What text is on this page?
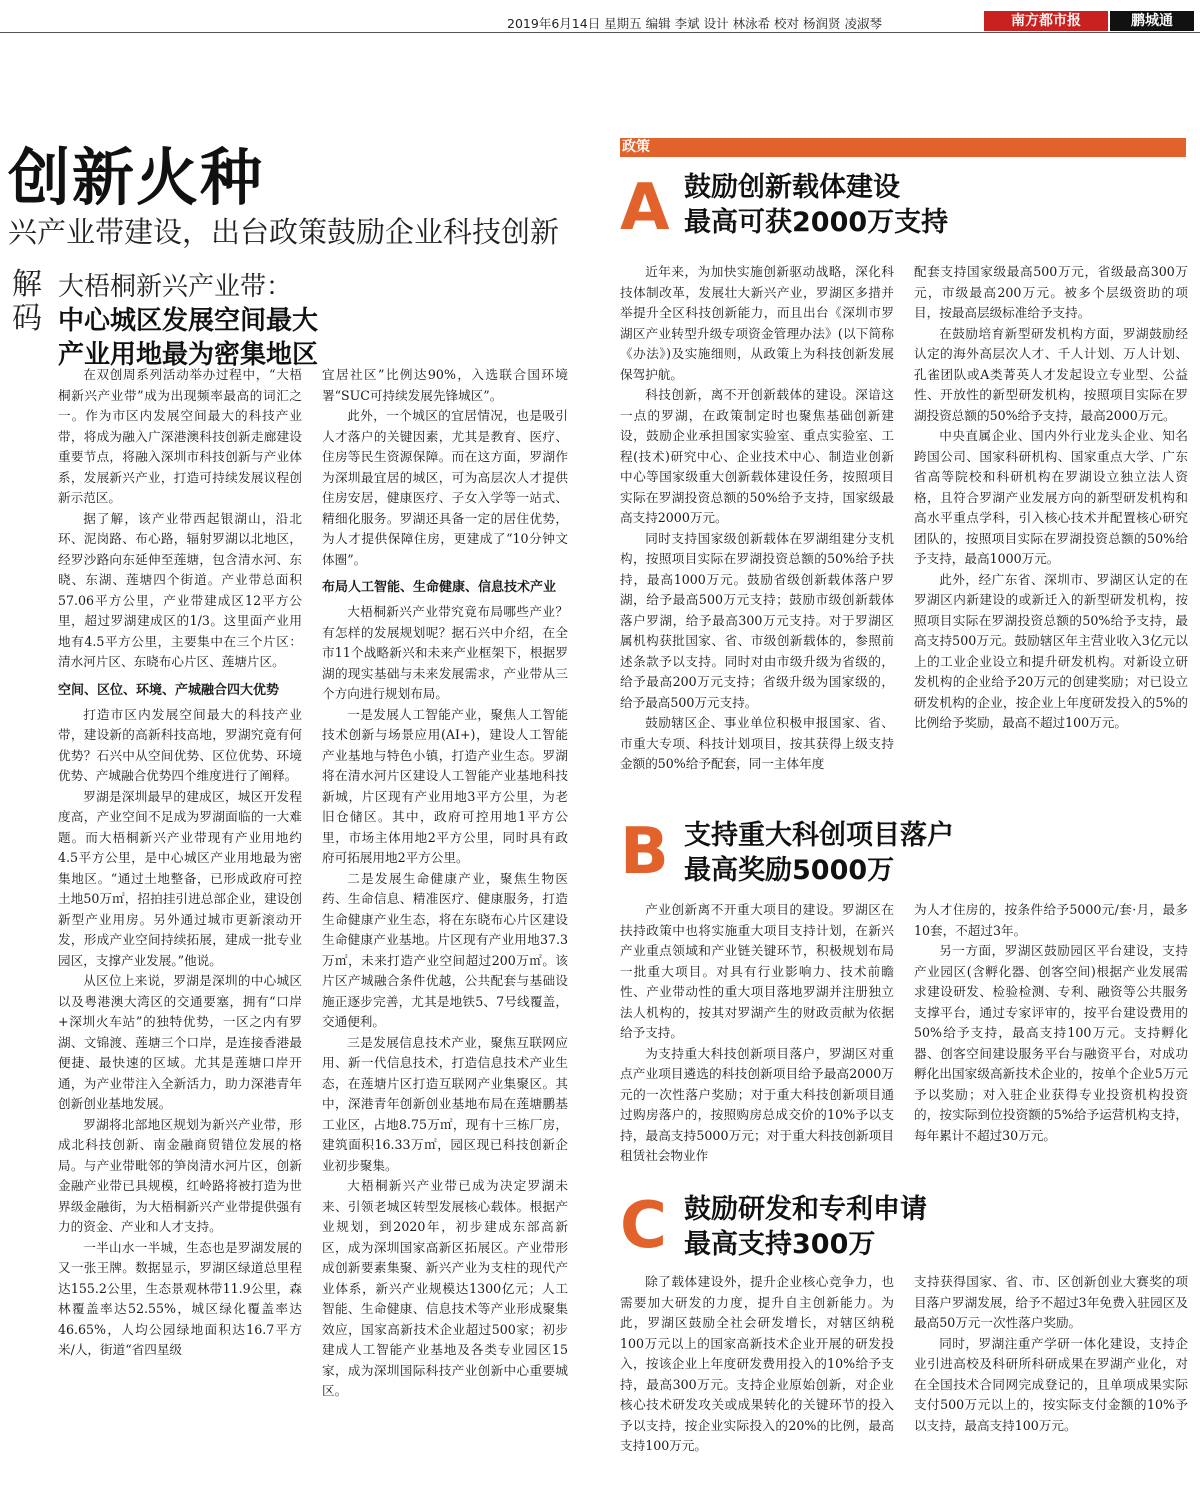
2019年6月14日 星期五 编辑 李斌 设计 林泳希 校对 杨润贤 凌淑琴	南方都市报	鹏城通
创新火种
兴产业带建设，出台政策鼓励企业科技创新
解码
大梧桐新兴产业带：
中心城区发展空间最大
产业用地最为密集地区

在双创周系列活动举办过程中，“大梧桐新兴产业带”成为出现频率最高的词汇之一。作为市区内发展空间最大的科技产业带，将成为融入广深港澳科技创新走廊建设重要节点，将融入深圳市科技创新与产业体系，发展新兴产业，打造可持续发展议程创新示范区。

据了解，该产业带西起银湖山，沿北环、泥岗路、布心路，辐射罗湖以北地区，经罗沙路向东延伸至莲塘，包含清水河、东晓、东湖、莲塘四个街道。产业带总面积57.06平方公里，产业带建成区12平方公里，超过罗湖建成区的1/3。这里面产业用地有4.5平方公里，主要集中在三个片区：清水河片区、东晓布心片区、莲塘片区。

空间、区位、环境、产城融合四大优势

打造市区内发展空间最大的科技产业带，建设新的高新科技高地，罗湖究竟有何优势？石兴中从空间优势、区位优势、环境优势、产城融合优势四个维度进行了阐释。

罗湖是深圳最早的建成区，城区开发程度高，产业空间不足成为罗湖面临的一大难题。而大梧桐新兴产业带现有产业用地约4.5平方公里，是中心城区产业用地最为密集地区。“通过土地整备，已形成政府可控土地50万㎡，招拍挂引进总部企业，建设创新型产业用房。另外通过城市更新滚动开发，形成产业空间持续拓展，建成一批专业园区，支撑产业发展。”他说。

从区位上来说，罗湖是深圳的中心城区以及粤港澳大湾区的交通要塞，拥有“口岸+深圳火车站”的独特优势，一区之内有罗湖、文锦渡、莲塘三个口岸，是连接香港最便捷、最快速的区域。尤其是莲塘口岸开通，为产业带注入全新活力，助力深港青年创新创业基地发展。

罗湖将北部地区规划为新兴产业带，形成北科技创新、南金融商贸错位发展的格局。与产业带毗邻的笋岗清水河片区，创新金融产业带已具规模，红岭路将被打造为世界级金融街，为大梧桐新兴产业带提供强有力的资金、产业和人才支持。

一半山水一半城，生态也是罗湖发展的又一张王牌。数据显示，罗湖区绿道总里程达155.2公里，生态景观林带11.9公里，森林覆盖率达52.55%，城区绿化覆盖率达46.65%，人均公园绿地面积达16.7平方米/人，街道“省四星级

宜居社区”比例达90%，入选联合国环境署“SUC可持续发展先锋城区”。

此外，一个城区的宜居情况，也是吸引人才落户的关键因素，尤其是教育、医疗、住房等民生资源保障。而在这方面，罗湖作为深圳最宜居的城区，可为高层次人才提供住房安居，健康医疗、子女入学等一站式、精细化服务。罗湖还具备一定的居住优势，为人才提供保障住房，更建成了“10分钟文体圈”。

布局人工智能、生命健康、信息技术产业

大梧桐新兴产业带究竟布局哪些产业？有怎样的发展规划呢？据石兴中介绍，在全市11个战略新兴和未来产业框架下，根据罗湖的现实基础与未来发展需求，产业带从三个方向进行规划布局。

一是发展人工智能产业，聚焦人工智能技术创新与场景应用(AI+)，建设人工智能产业基地与特色小镇，打造产业生态。罗湖将在清水河片区建设人工智能产业基地科技新城，片区现有产业用地3平方公里，为老旧仓储区。其中，政府可控用地1平方公里，市场主体用地2平方公里，同时具有政府可拓展用地2平方公里。

二是发展生命健康产业，聚焦生物医药、生命信息、精准医疗、健康服务，打造生命健康产业生态，将在东晓布心片区建设生命健康产业基地。片区现有产业用地37.3万㎡，未来打造产业空间超过200万㎡。该片区产城融合条件优越，公共配套与基础设施正逐步完善，尤其是地铁5、7号线覆盖，交通便利。

三是发展信息技术产业，聚焦互联网应用、新一代信息技术，打造信息技术产业生态，在莲塘片区打造互联网产业集聚区。其中，深港青年创新创业基地布局在莲塘鹏基工业区，占地8.75万㎡，现有十三栋厂房，建筑面积16.33万㎡，园区现已科技创新企业初步聚集。

大梧桐新兴产业带已成为决定罗湖未来、引领老城区转型发展核心载体。根据产业规划，到2020年，初步建成东部高新区，成为深圳国家高新区拓展区。产业带形成创新要素集聚、新兴产业为支柱的现代产业体系，新兴产业规模达1300亿元；人工智能、生命健康、信息技术等产业形成聚集效应，国家高新技术企业超过500家；初步建成人工智能产业基地及各类专业园区15家，成为深圳国际科技产业创新中心重要城区。

政策
A 鼓励创新载体建设
最高可获2000万支持

近年来，为加快实施创新驱动战略，深化科技体制改革，发展壮大新兴产业，罗湖区多措并举提升全区科技创新能力，而且出台《深圳市罗湖区产业转型升级专项资金管理办法》(以下简称《办法》)及实施细则，从政策上为科技创新发展保驾护航。

科技创新，离不开创新载体的建设。深谙这一点的罗湖，在政策制定时也聚焦基础创新建设，鼓励企业承担国家实验室、重点实验室、工程(技术)研究中心、企业技术中心、制造业创新中心等国家级重大创新载体建设任务，按照项目实际在罗湖投资总额的50%给予支持，国家级最高支持2000万元。

同时支持国家级创新载体在罗湖组建分支机构，按照项目实际在罗湖投资总额的50%给予扶持，最高1000万元。鼓励省级创新载体落户罗湖，给予最高500万元支持；鼓励市级创新载体落户罗湖，给予最高300万元支持。对于罗湖区属机构获批国家、省、市级创新载体的，参照前述条款予以支持。同时对由市级升级为省级的，给予最高200万元支持；省级升级为国家级的，给予最高500万元支持。

鼓励辖区企、事业单位积极申报国家、省、市重大专项、科技计划项目，按其获得上级支持金额的50%给予配套，同一主体年度

配套支持国家级最高500万元，省级最高300万元，市级最高200万元。被多个层级资助的项目，按最高层级标准给予支持。

在鼓励培育新型研发机构方面，罗湖鼓励经认定的海外高层次人才、千人计划、万人计划、孔雀团队或A类菁英人才发起设立专业型、公益性、开放性的新型研发机构，按照项目实际在罗湖投资总额的50%给予支持，最高2000万元。

中央直属企业、国内外行业龙头企业、知名跨国公司、国家科研机构、国家重点大学、广东省高等院校和科研机构在罗湖设立独立法人资格，且符合罗湖产业发展方向的新型研发机构和高水平重点学科，引入核心技术并配置核心研究团队的，按照项目实际在罗湖投资总额的50%给予支持，最高1000万元。

此外，经广东省、深圳市、罗湖区认定的在罗湖区内新建设的或新迁入的新型研发机构，按照项目实际在罗湖投资总额的50%给予支持，最高支持500万元。鼓励辖区年主营业收入3亿元以上的工业企业设立和提升研发机构。对新设立研发机构的企业给予20万元的创建奖励；对已设立研发机构的企业，按企业上年度研发投入的5%的比例给予奖励，最高不超过100万元。

B 支持重大科创项目落户
最高奖励5000万

产业创新离不开重大项目的建设。罗湖区在扶持政策中也将实施重大项目支持计划，在新兴产业重点领域和产业链关键环节，积极规划布局一批重大项目。对具有行业影响力、技术前瞻性、产业带动性的重大项目落地罗湖并注册独立法人机构的，按其对罗湖产生的财政贡献为依据给予支持。

为支持重大科技创新项目落户，罗湖区对重点产业项目遴选的科技创新项目给予最高2000万元的一次性落户奖励；对于重大科技创新项目通过购房落户的，按照购房总成交价的10%予以支持，最高支持5000万元；对于重大科技创新项目租赁社会物业作

为人才住房的，按条件给予5000元/套·月，最多10套，不超过3年。

另一方面，罗湖区鼓励园区平台建设，支持产业园区(含孵化器、创客空间)根据产业发展需求建设研发、检验检测、专利、融资等公共服务支撑平台，通过专家评审的，按平台建设费用的50%给予支持，最高支持100万元。支持孵化器、创客空间建设服务平台与融资平台，对成功孵化出国家级高新技术企业的，按单个企业5万元予以奖励；对入驻企业获得专业投资机构投资的，按实际到位投资额的5%给予运营机构支持，每年累计不超过30万元。

C 鼓励研发和专利申请
最高支持300万

除了载体建设外，提升企业核心竞争力，也需要加大研发的力度，提升自主创新能力。为此，罗湖区鼓励全社会研发增长，对辖区纳税100万元以上的国家高新技术企业开展的研发投入，按该企业上年度研发费用投入的10%给予支持，最高300万元。支持企业原始创新，对企业核心技术研发攻关或成果转化的关键环节的投入予以支持，按企业实际投入的20%的比例，最高支持100万元。

支持获得国家、省、市、区创新创业大赛奖的项目落户罗湖发展，给予不超过3年免费入驻园区及最高50万元一次性落户奖励。

同时，罗湖注重产学研一体化建设，支持企业引进高校及科研所科研成果在罗湖产业化，对在全国技术合同网完成登记的，且单项成果实际支付500万元以上的，按实际支付金额的10%予以支持，最高支持100万元。
